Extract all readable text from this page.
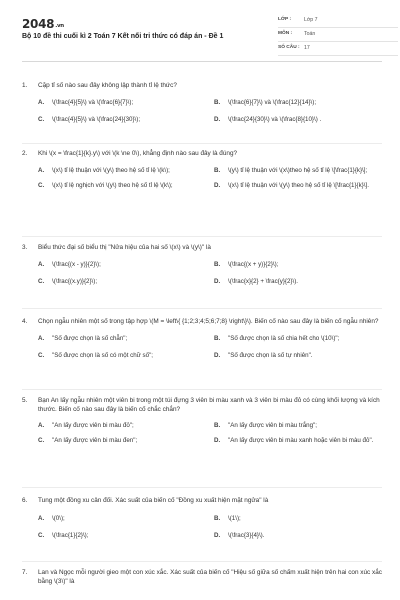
2048.vn
Bộ 10 đề thi cuối kì 2 Toán 7 Kết nối tri thức có đáp án - Đề 1
LỚP :	Lớp 7
MÔN :	Toán
SỐ CÂU : 17
1.	Cặp tỉ số nào sau đây không lập thành tỉ lệ thức?
A.	\(\frac{4}{5}\) và \(\frac{6}{7}\);	B.	\(\frac{6}{7}\) và \(\frac{12}{14}\);
C.	\(\frac{4}{5}\) và \(\frac{24}{30}\);	D.	\(\frac{24}{30}\) và \(\frac{8}{10}\) .
2.	Khi \(x = \frac{1}{k}.y\) với \(k \ne 0\), khẳng định nào sau đây là đúng?
A.	\(x\) tỉ lệ thuận với \(y\) theo hệ số tỉ lệ \(k\);	B.	\(y\) tỉ lệ thuận với \(x\)theo hệ số tỉ lệ \[\frac{1}{k}\];
C.	\(x\) tỉ lệ nghịch với \(y\) theo hệ số tỉ lệ \(k\);	D.	\(x\) tỉ lệ thuận với \(y\) theo hệ số tỉ lệ \[\frac{1}{k}\].
3.	Biểu thức đại số biểu thị "Nửa hiệu của hai số \(x\) và \(y\)" là
A.	\(\frac{(x - y)}{2}\);	B.	\(\frac{(x + y)}{2}\);
C.	\(\frac{(x.y)}{2}\);	D.	\(\frac{x}{2} + \frac{y}{2}\).
4.	Chọn ngẫu nhiên một số trong tập hợp \(M = \left\{ {1;2;3;4;5;6;7;8} \right\}\). Biến cố nào sau đây là biến cố ngẫu nhiên?
A.	"Số được chọn là số chẵn";	B.	"Số được chọn là số chia hết cho \(10\)";
C.	"Số được chọn là số có một chữ số";	D.	"Số được chọn là số tự nhiên".
5.	Bạn An lấy ngẫu nhiên một viên bi trong một túi đựng 3 viên bi màu xanh và 3 viên bi màu đỏ có cùng khối lượng và kích thước. Biến cố nào sau đây là biến cố chắc chắn?
A.	"An lấy được viên bi màu đỏ";	B.	"An lấy được viên bi màu trắng";
C.	"An lấy được viên bi màu đen";	D.	"An lấy được viên bi màu xanh hoặc viên bi màu đỏ".
6.	Tung một đồng xu cân đối. Xác suất của biến cố "Đồng xu xuất hiện mặt ngửa" là
A.	\(0\);	B.	\(1\);
C.	\(\frac{1}{2}\);	D.	\(\frac{3}{4}\).
7.	Lan và Ngọc mỗi người gieo một con xúc xắc. Xác suất của biến cố "Hiệu số giữa số chấm xuất hiện trên hai con xúc xắc bằng \(3\)" là
